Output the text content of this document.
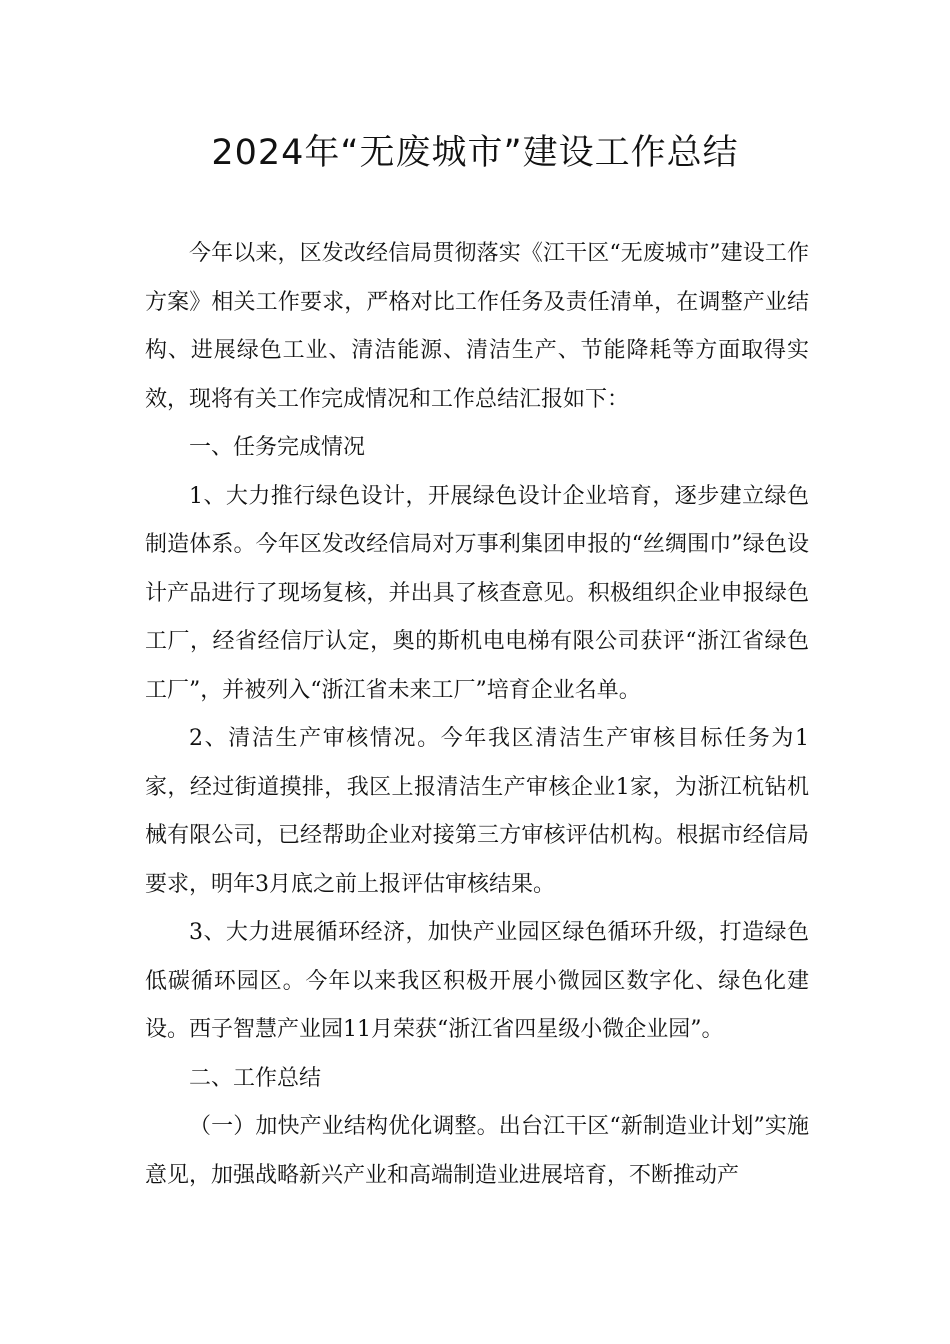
2024年“无废城市”建设工作总结

今年以来，区发改经信局贯彻落实《江干区“无废城市”建设工作方案》相关工作要求，严格对比工作任务及责任清单，在调整产业结构、进展绿色工业、清洁能源、清洁生产、节能降耗等方面取得实效，现将有关工作完成情况和工作总结汇报如下：

一、任务完成情况

1、大力推行绿色设计，开展绿色设计企业培育，逐步建立绿色制造体系。今年区发改经信局对万事利集团申报的“丝绸围巾”绿色设计产品进行了现场复核，并出具了核查意见。积极组织企业申报绿色工厂，经省经信厅认定，奥的斯机电电梯有限公司获评“浙江省绿色工厂”，并被列入“浙江省未来工厂”培育企业名单。

2、清洁生产审核情况。今年我区清洁生产审核目标任务为1家，经过街道摸排，我区上报清洁生产审核企业1家，为浙江杭钻机械有限公司，已经帮助企业对接第三方审核评估机构。根据市经信局要求，明年3月底之前上报评估审核结果。

3、大力进展循环经济，加快产业园区绿色循环升级，打造绿色低碳循环园区。今年以来我区积极开展小微园区数字化、绿色化建设。西子智慧产业园11月荣获“浙江省四星级小微企业园”。

二、工作总结

（一）加快产业结构优化调整。出台江干区“新制造业计划”实施意见，加强战略新兴产业和高端制造业进展培育，不断推动产
